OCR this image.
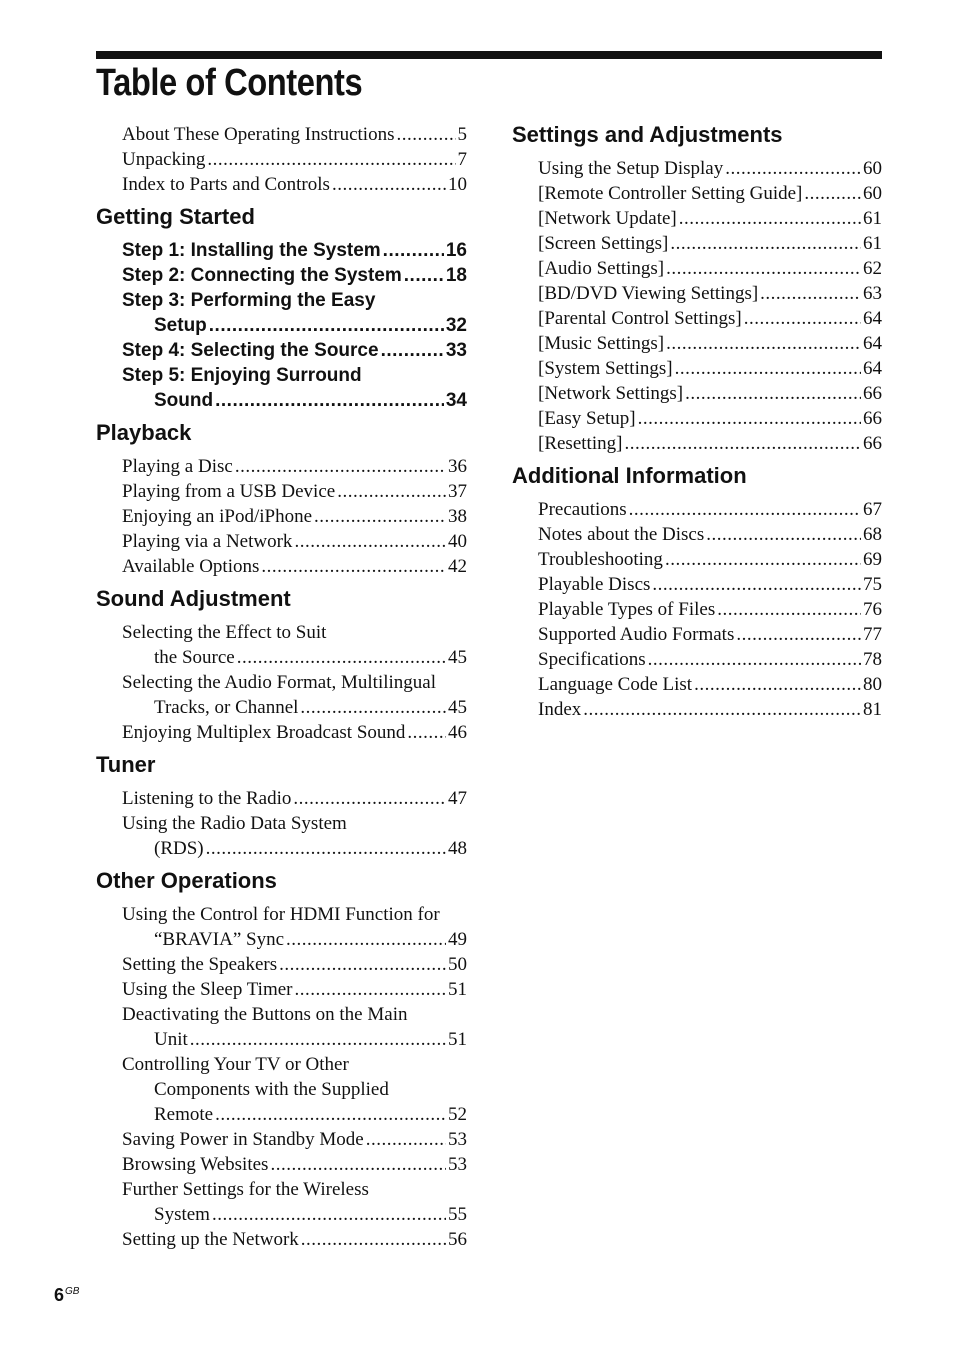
Table of Contents
About These Operating Instructions .....	5
Unpacking .....	7
Index to Parts and Controls .....	10
Getting Started
Step 1: Installing the System .....	16
Step 2: Connecting the System ..... 18
Step 3: Performing the Easy
Setup .....	32
Step 4: Selecting the Source .....	33
Step 5: Enjoying Surround
Sound .....	34
Playback
Playing a Disc .....	36
Playing from a USB Device .....	37
Enjoying an iPod/iPhone .....	38
Playing via a Network .....	40
Available Options .....	42
Sound Adjustment
Selecting the Effect to Suit
the Source .....	45
Selecting the Audio Format, Multilingual
Tracks, or Channel .....	45
Enjoying Multiplex Broadcast Sound ..... 46
Tuner
Listening to the Radio .....	47
Using the Radio Data System
(RDS) .....	48
Other Operations
Using the Control for HDMI Function for
“BRAVIA” Sync .....	49
Setting the Speakers .....	50
Using the Sleep Timer .....	51
Deactivating the Buttons on the Main
Unit .....	51
Controlling Your TV or Other
Components with the Supplied
Remote .....	52
Saving Power in Standby Mode .....	53
Browsing Websites .....	53
Further Settings for the Wireless
System .....	55
Setting up the Network .....	56
Settings and Adjustments
Using the Setup Display .....	60
[Remote Controller Setting Guide] .....	60
[Network Update] .....	61
[Screen Settings] .....	61
[Audio Settings] .....	62
[BD/DVD Viewing Settings] .....	63
[Parental Control Settings] .....	64
[Music Settings] .....	64
[System Settings] .....	64
[Network Settings] .....	66
[Easy Setup] .....	66
[Resetting] .....	66
Additional Information
Precautions .....	67
Notes about the Discs .....	68
Troubleshooting .....	69
Playable Discs .....	75
Playable Types of Files .....	76
Supported Audio Formats .....	77
Specifications .....	78
Language Code List .....	80
Index .....	81
$6^{GB}$
